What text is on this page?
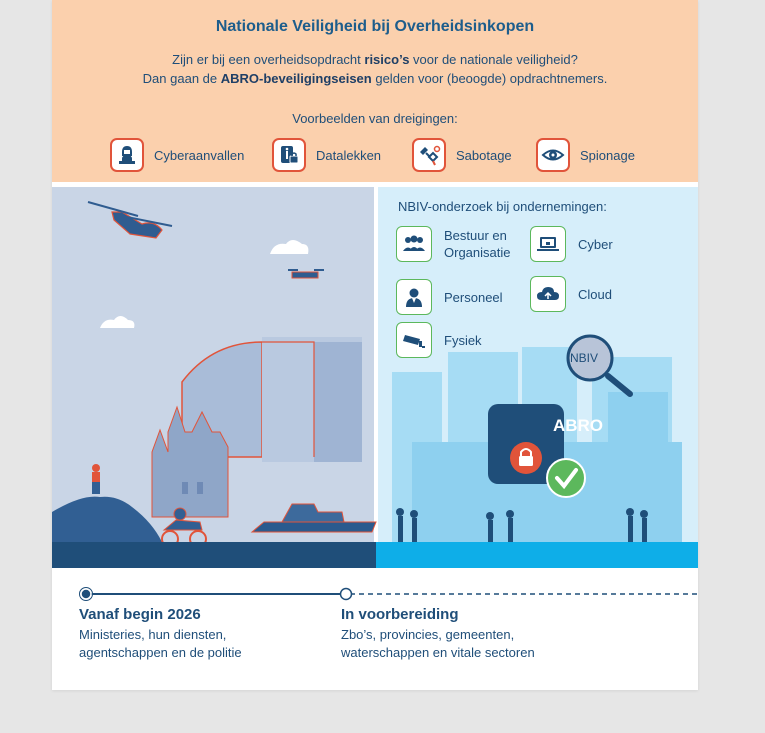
Nationale Veiligheid bij Overheidsinkopen
Zijn er bij een overheidsopdracht risico’s voor de nationale veiligheid?
Dan gaan de ABRO-beveiligingseisen gelden voor (beoogde) opdrachtnemers.
Voorbeelden van dreigingen:
Cyberaanvallen	Datalekken	Sabotage	Spionage
NBIV
ABRO
NBIV-onderzoek bij ondernemingen:
Bestuur en
Organisatie
Cyber
Personeel	Cloud
Fysiek
Vanaf begin 2026
Ministeries, hun diensten,
agentschappen en de politie
In voorbereiding
Zbo’s, provincies, gemeenten,
waterschappen en vitale sectoren
